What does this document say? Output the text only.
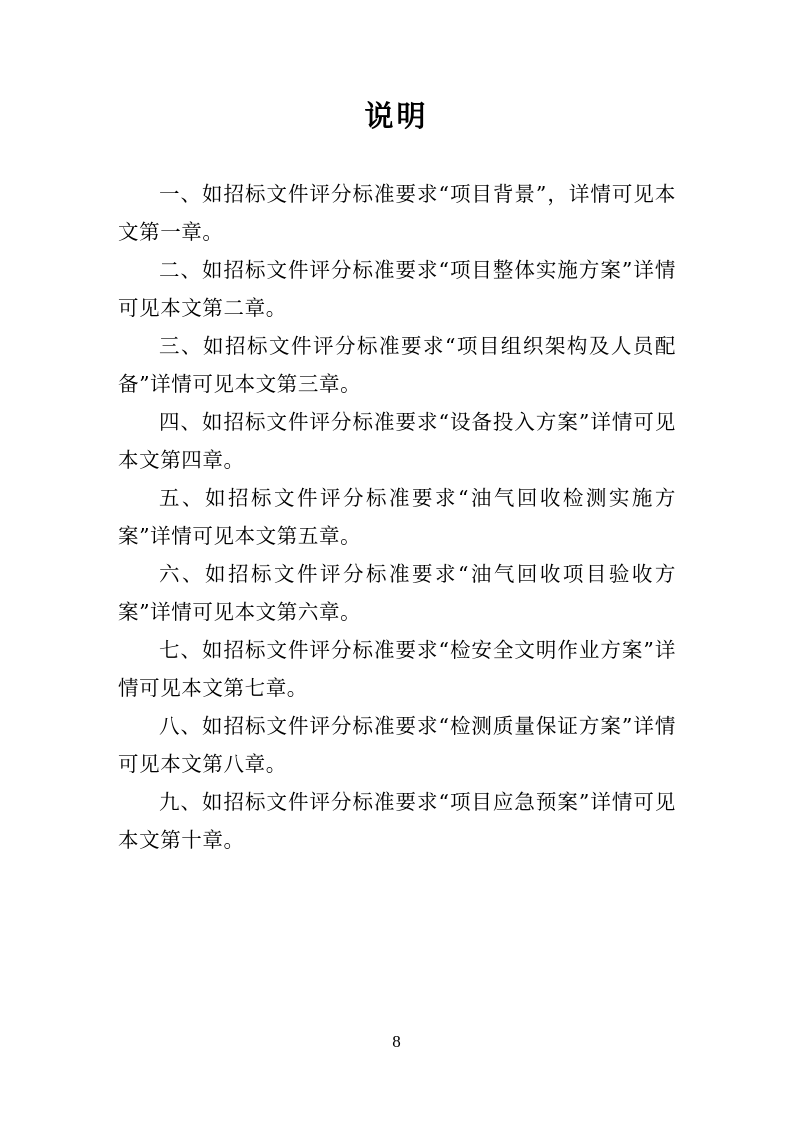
说明

一、如招标文件评分标准要求“项目背景”，详情可见本文第一章。

二、如招标文件评分标准要求“项目整体实施方案”详情可见本文第二章。

三、如招标文件评分标准要求“项目组织架构及人员配备”详情可见本文第三章。

四、如招标文件评分标准要求“设备投入方案”详情可见本文第四章。

五、如招标文件评分标准要求“油气回收检测实施方案”详情可见本文第五章。

六、如招标文件评分标准要求“油气回收项目验收方案”详情可见本文第六章。

七、如招标文件评分标准要求“检安全文明作业方案”详情可见本文第七章。

八、如招标文件评分标准要求“检测质量保证方案”详情可见本文第八章。

九、如招标文件评分标准要求“项目应急预案”详情可见本文第十章。

8
